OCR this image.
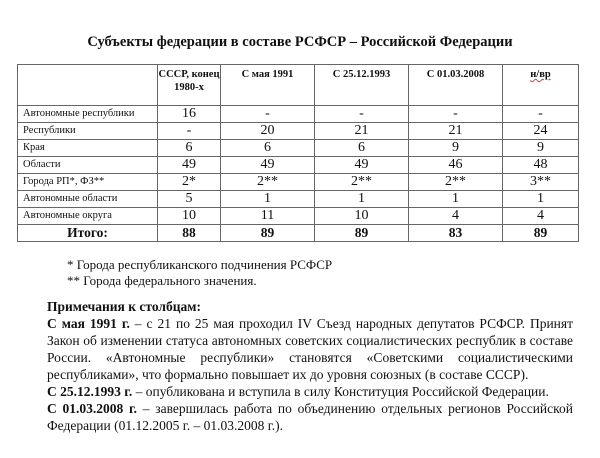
Субъекты федерации в составе РСФСР – Российской Федерации
	СССР, конец 1980-х	С мая 1991	С 25.12.1993	С 01.03.2008	н/вр
Автономные республики	16	-	-	-	-
Республики	-	20	21	21	24
Края	6	6	6	9	9
Области	49	49	49	46	48
Города РП*, ФЗ**	2*	2**	2**	2**	3**
Автономные области	5	1	1	1	1
Автономные округа	10	11	10	4	4
Итого:	88	89	89	83	89
* Города республиканского подчинения РСФСР
** Города федерального значения.

Примечания к столбцам:

С мая 1991 г. – с 21 по 25 мая проходил IV Съезд народных депутатов РСФСР. Принят Закон об изменении статуса автономных советских социалистических республик в составе России. «Автономные республики» становятся «Советскими социалистическими республиками», что формально повышает их до уровня союзных (в составе СССР).

С 25.12.1993 г. – опубликована и вступила в силу Конституция Российской Федерации.

С 01.03.2008 г. – завершилась работа по объединению отдельных регионов Российской Федерации (01.12.2005 г. – 01.03.2008 г.).
